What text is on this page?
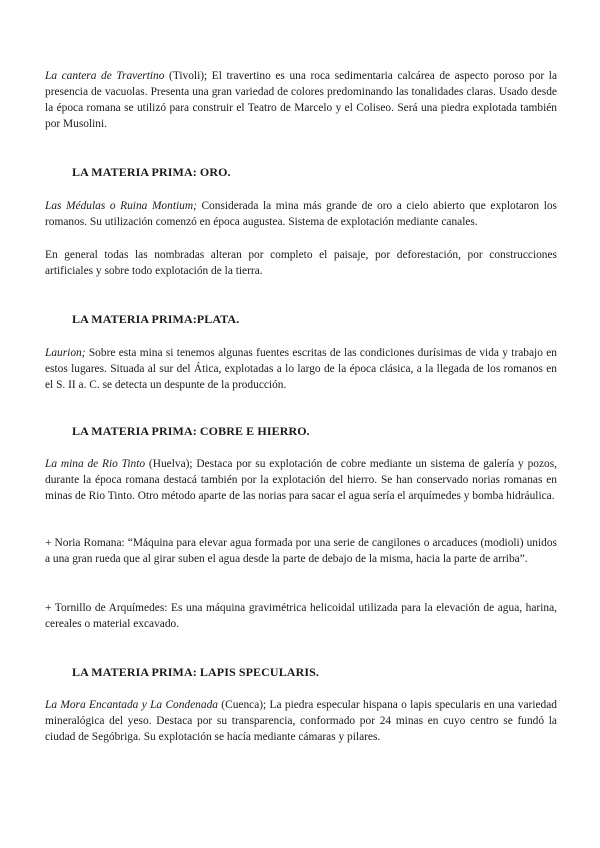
La cantera de Travertino (Tivoli); El travertino es una roca sedimentaria calcárea de aspecto poroso por la presencia de vacuolas. Presenta una gran variedad de colores predominando las tonalidades claras. Usado desde la época romana se utilizó para construir el Teatro de Marcelo y el Coliseo. Será una piedra explotada también por Musolini.

LA MATERIA PRIMA: ORO.

Las Médulas o Ruina Montium; Considerada la mina más grande de oro a cielo abierto que explotaron los romanos. Su utilización comenzó en época augustea. Sistema de explotación mediante canales.

En general todas las nombradas alteran por completo el paisaje, por deforestación, por construcciones artificiales y sobre todo explotación de la tierra.

LA MATERIA PRIMA:PLATA.

Laurion; Sobre esta mina si tenemos algunas fuentes escritas de las condiciones durísimas de vida y trabajo en estos lugares. Situada al sur del Ática, explotadas a lo largo de la época clásica, a la llegada de los romanos en el S. II a. C. se detecta un despunte de la producción.

LA MATERIA PRIMA: COBRE E HIERRO.

La mina de Rio Tinto (Huelva); Destaca por su explotación de cobre mediante un sistema de galería y pozos, durante la época romana destacá también por la explotación del hierro. Se han conservado norias romanas en minas de Rio Tinto. Otro método aparte de las norias para sacar el agua sería el arquímedes y bomba hidráulica.

+ Noria Romana: “Máquina para elevar agua formada por una serie de cangilones o arcaduces (modioli) unidos a una gran rueda que al girar suben el agua desde la parte de debajo de la misma, hacia la parte de arriba”.

+ Tornillo de Arquímedes: Es una máquina gravimétrica helicoidal utilizada para la elevación de agua, harina, cereales o material excavado.

LA MATERIA PRIMA: LAPIS SPECULARIS.

La Mora Encantada y La Condenada (Cuenca); La piedra especular hispana o lapis specularis en una variedad mineralógica del yeso. Destaca por su transparencia, conformado por 24 minas en cuyo centro se fundó la ciudad de Segóbriga. Su explotación se hacía mediante cámaras y pilares.
